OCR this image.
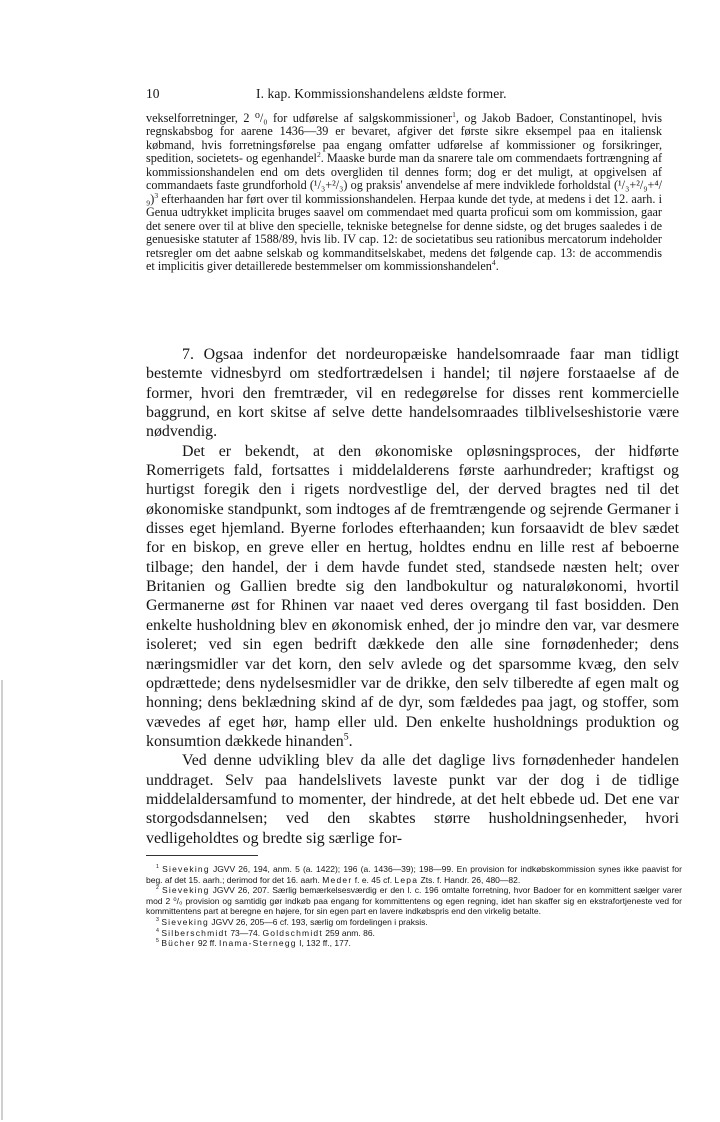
10	I. kap. Kommissionshandelens ældste former.

vekselforretninger, 2 ⁰/₀ for udførelse af salgskommissioner$^1$, og Jakob Badoer, Constantinopel, hvis regnskabsbog for aarene 1436—39 er bevaret, afgiver det første sikre eksempel paa en italiensk købmand, hvis forretningsførelse paa engang omfatter udførelse af kommissioner og forsikringer, spedition, societets- og egenhandel$^2$. Maaske burde man da snarere tale om commendaets fortrængning af kommissionshandelen end om dets overgliden til dennes form; dog er det muligt, at opgivelsen af commandaets faste grundforhold (¹/₃+²/₃) og praksis' anvendelse af mere indviklede forholdstal $(^1/_3+^2/_9+^4/_9)^3$ efterhaanden har ført over til kommissionshandelen. Herpaa kunde det tyde, at medens i det 12. aarh. i Genua udtrykket implicita bruges saavel om commendaet med quarta proficui som om kommission, gaar det senere over til at blive den specielle, tekniske betegnelse for denne sidste, og det bruges saaledes i de genuesiske statuter af 1588/89, hvis lib. IV cap. 12: de societatibus seu rationibus mercatorum indeholder retsregler om det aabne selskab og kommanditselskabet, medens det følgende cap. 13: de accommendis et implicitis giver detaillerede bestemmelser om kommissionshandelen$^4$.

7. Ogsaa indenfor det nordeuropæiske handelsomraade faar man tidligt bestemte vidnesbyrd om stedfortrædelsen i handel; til nøjere forstaaelse af de former, hvori den fremtræder, vil en redegørelse for disses rent kommercielle baggrund, en kort skitse af selve dette handelsomraades tilblivelseshistorie være nødvendig.

Det er bekendt, at den økonomiske opløsningsproces, der hidførte Romerrigets fald, fortsattes i middelalderens første aarhundreder; kraftigst og hurtigst foregik den i rigets nordvestlige del, der derved bragtes ned til det økonomiske standpunkt, som indtoges af de fremtrængende og sejrende Germaner i disses eget hjemland. Byerne forlodes efterhaanden; kun forsaavidt de blev sædet for en biskop, en greve eller en hertug, holdtes endnu en lille rest af beboerne tilbage; den handel, der i dem havde fundet sted, standsede næsten helt; over Britanien og Gallien bredte sig den landbokultur og naturaløkonomi, hvortil Germanerne øst for Rhinen var naaet ved deres overgang til fast bosidden. Den enkelte husholdning blev en økonomisk enhed, der jo mindre den var, var desmere isoleret; ved sin egen bedrift dækkede den alle sine fornødenheder; dens næringsmidler var det korn, den selv avlede og det sparsomme kvæg, den selv opdrættede; dens nydelsesmidler var de drikke, den selv tilberedte af egen malt og honning; dens beklædning skind af de dyr, som fældedes paa jagt, og stoffer, som vævedes af eget hør, hamp eller uld. Den enkelte husholdnings produktion og konsumtion dækkede hinanden$^5$.

Ved denne udvikling blev da alle det daglige livs fornødenheder handelen unddraget. Selv paa handelslivets laveste punkt var der dog i de tidlige middelaldersamfund to momenter, der hindrede, at det helt ebbede ud. Det ene var storgodsdannelsen; ved den skabtes større husholdningsenheder, hvori vedligeholdtes og bredte sig særlige for-

$^1$ Sieveking JGVV 26, 194, anm. 5 (a. 1422); 196 (a. 1436—39); 198—99. En provision for indkøbskommission synes ikke paavist for beg. af det 15. aarh.; derimod for det 16. aarh. Meder f. e. 45 cf. Lepa Zts. f. Handr. 26, 480—82.

$^2$ Sieveking JGVV 26, 207. Særlig bemærkelsesværdig er den l. c. 196 omtalte forretning, hvor Badoer for en kommittent sælger varer mod 2 ⁰/₀ provision og samtidig gør indkøb paa engang for kommittentens og egen regning, idet han skaffer sig en ekstrafortjeneste ved for kommittentens part at beregne en højere, for sin egen part en lavere indkøbspris end den virkelig betalte.

$^3$ Sieveking JGVV 26, 205—6 cf. 193, særlig om fordelingen i praksis.

$^4$ Silberschmidt 73—74. Goldschmidt 259 anm. 86.

$^5$ Bücher 92 ff. Inama-Sternegg I, 132 ff., 177.
